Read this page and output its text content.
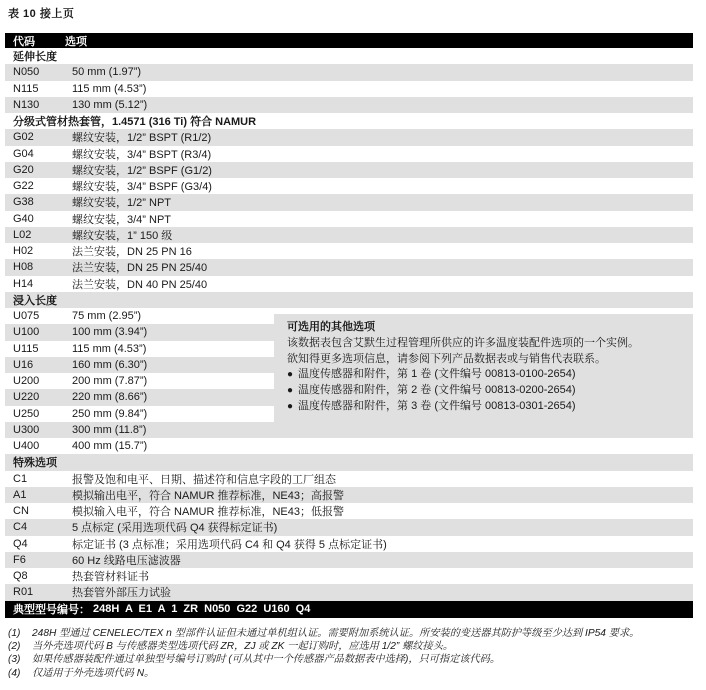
表 10 接上页
代码	选项
延伸长度
N050	50 mm (1.97”)
N115	115 mm (4.53”)
N130	130 mm (5.12”)
分级式管材热套管，1.4571 (316 Ti) 符合 NAMUR
G02	螺纹安装，1/2” BSPT (R1/2)
G04	螺纹安装，3/4” BSPT (R3/4)
G20	螺纹安装，1/2” BSPF (G1/2)
G22	螺纹安装，3/4” BSPF (G3/4)
G38	螺纹安装，1/2” NPT
G40	螺纹安装，3/4” NPT
L02	螺纹安装，1” 150 级
H02	法兰安装，DN 25 PN 16
H08	法兰安装，DN 25 PN 25/40
H14	法兰安装，DN 40 PN 25/40
浸入长度
U075	75 mm (2.95”)
U100	100 mm (3.94”)
U115	115 mm (4.53”)
U16	160 mm (6.30”)
U200	200 mm (7.87”)
U220	220 mm (8.66”)
U250	250 mm (9.84”)
U300	300 mm (11.8”)
U400	400 mm (15.7”)
特殊选项
C1	报警及饱和电平、日期、描述符和信息字段的工厂组态
A1	模拟输出电平，符合 NAMUR 推荐标准，NE43；高报警
CN	模拟输入电平，符合 NAMUR 推荐标准，NE43；低报警
C4	5 点标定 (采用选项代码 Q4 获得标定证书)
Q4	标定证书 (3 点标准；采用选项代码 C4 和 Q4 获得 5 点标定证书)
F6	60 Hz 线路电压滤波器
Q8	热套管材料证书
R01	热套管外部压力试验
典型型号编号： 248H A E1 A 1 ZR N050 G22 U160 Q4
可选用的其他选项
该数据表包含艾默生过程管理所供应的许多温度装配件选项的一个实例。
欲知得更多选项信息，请参阅下列产品数据表或与销售代表联系。
● 温度传感器和附件，第 1 卷 (文件编号 00813-0100-2654)
● 温度传感器和附件，第 2 卷 (文件编号 00813-0200-2654)
● 温度传感器和附件，第 3 卷 (文件编号 00813-0301-2654)
(1)	248H 型通过 CENELEC/TEX n 型部件认证但未通过单机组认证。需要附加系统认证。所安装的变送器其防护等级至少达到 IP54 要求。
(2)	当外壳选项代码 B 与传感器类型选项代码 ZR，ZJ 或 ZK 一起订购时，应选用 1/2” 螺纹接头。
(3)	如果传感器装配件通过单独型号编号订购时 (可从其中一个传感器产品数据表中选择)，只可指定该代码。
(4)	仅适用于外壳选项代码 N。
